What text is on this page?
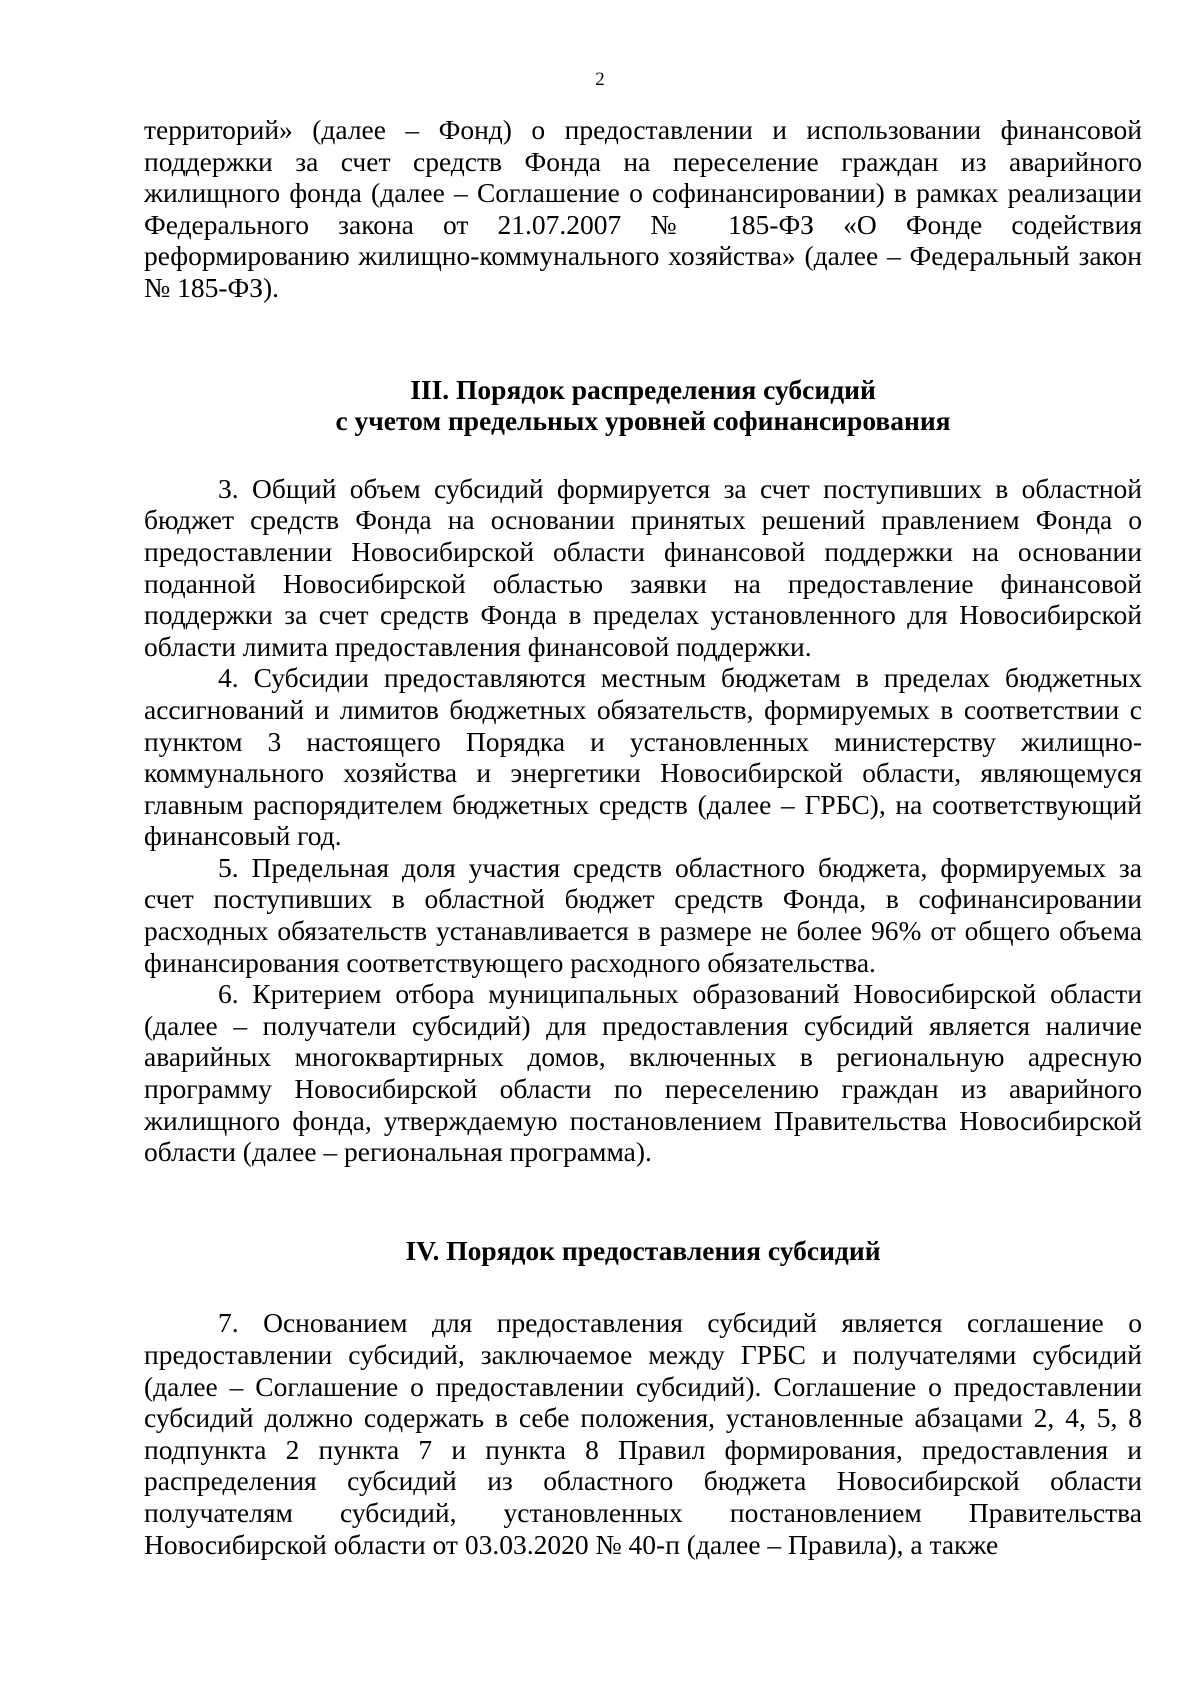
2

территорий» (далее – Фонд) о предоставлении и использовании финансовой поддержки за счет средств Фонда на переселение граждан из аварийного жилищного фонда (далее – Соглашение о софинансировании) в рамках реализации Федерального закона от 21.07.2007 № 185-ФЗ «О Фонде содействия реформированию жилищно-коммунального хозяйства» (далее – Федеральный закон № 185-ФЗ).

III. Порядок распределения субсидий
с учетом предельных уровней софинансирования

3. Общий объем субсидий формируется за счет поступивших в областной бюджет средств Фонда на основании принятых решений правлением Фонда о предоставлении Новосибирской области финансовой поддержки на основании поданной Новосибирской областью заявки на предоставление финансовой поддержки за счет средств Фонда в пределах установленного для Новосибирской области лимита предоставления финансовой поддержки.

4. Субсидии предоставляются местным бюджетам в пределах бюджетных ассигнований и лимитов бюджетных обязательств, формируемых в соответствии с пунктом 3 настоящего Порядка и установленных министерству жилищно-коммунального хозяйства и энергетики Новосибирской области, являющемуся главным распорядителем бюджетных средств (далее – ГРБС), на соответствующий финансовый год.

5. Предельная доля участия средств областного бюджета, формируемых за счет поступивших в областной бюджет средств Фонда, в софинансировании расходных обязательств устанавливается в размере не более 96% от общего объема финансирования соответствующего расходного обязательства.

6. Критерием отбора муниципальных образований Новосибирской области (далее – получатели субсидий) для предоставления субсидий является наличие аварийных многоквартирных домов, включенных в региональную адресную программу Новосибирской области по переселению граждан из аварийного жилищного фонда, утверждаемую постановлением Правительства Новосибирской области (далее – региональная программа).

IV. Порядок предоставления субсидий

7. Основанием для предоставления субсидий является соглашение о предоставлении субсидий, заключаемое между ГРБС и получателями субсидий (далее – Соглашение о предоставлении субсидий). Соглашение о предоставлении субсидий должно содержать в себе положения, установленные абзацами 2, 4, 5, 8 подпункта 2 пункта 7 и пункта 8 Правил формирования, предоставления и распределения субсидий из областного бюджета Новосибирской области получателям субсидий, установленных постановлением Правительства Новосибирской области от 03.03.2020 № 40-п (далее – Правила), а также
